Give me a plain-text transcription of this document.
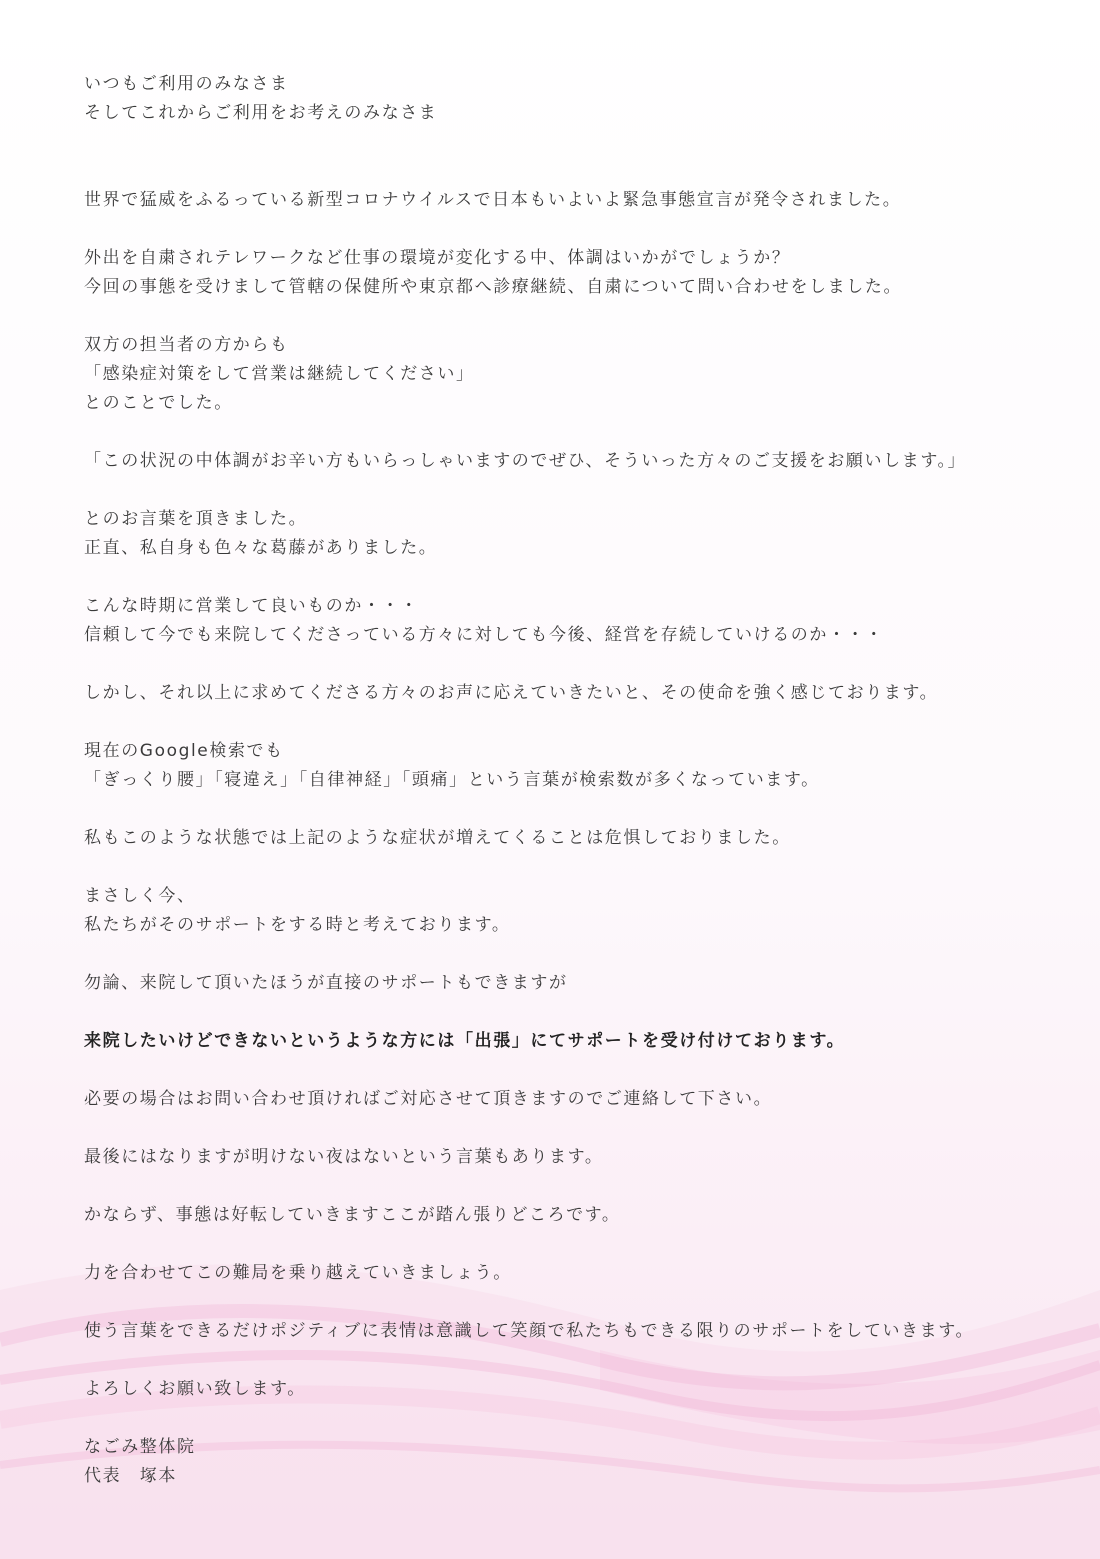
いつもご利用のみなさま
そしてこれからご利用をお考えのみなさま
世界で猛威をふるっている新型コロナウイルスで日本もいよいよ緊急事態宣言が発令されました。
外出を自粛されテレワークなど仕事の環境が変化する中、体調はいかがでしょうか？
今回の事態を受けまして管轄の保健所や東京都へ診療継続、自粛について問い合わせをしました。
双方の担当者の方からも
「感染症対策をして営業は継続してください」
とのことでした。
「この状況の中体調がお辛い方もいらっしゃいますのでぜひ、そういった方々のご支援をお願いします。」
とのお言葉を頂きました。
正直、私自身も色々な葛藤がありました。
こんな時期に営業して良いものか・・・
信頼して今でも来院してくださっている方々に対しても今後、経営を存続していけるのか・・・
しかし、それ以上に求めてくださる方々のお声に応えていきたいと、その使命を強く感じております。
現在のGoogle検索でも
「ぎっくり腰」「寝違え」「自律神経」「頭痛」という言葉が検索数が多くなっています。
私もこのような状態では上記のような症状が増えてくることは危惧しておりました。
まさしく今、
私たちがそのサポートをする時と考えております。
勿論、来院して頂いたほうが直接のサポートもできますが
来院したいけどできないというような方には「出張」にてサポートを受け付けております。
必要の場合はお問い合わせ頂ければご対応させて頂きますのでご連絡して下さい。
最後にはなりますが明けない夜はないという言葉もあります。
かならず、事態は好転していきますここが踏ん張りどころです。
力を合わせてこの難局を乗り越えていきましょう。
使う言葉をできるだけポジティブに表情は意識して笑顔で私たちもできる限りのサポートをしていきます。
よろしくお願い致します。
なごみ整体院
代表　塚本
